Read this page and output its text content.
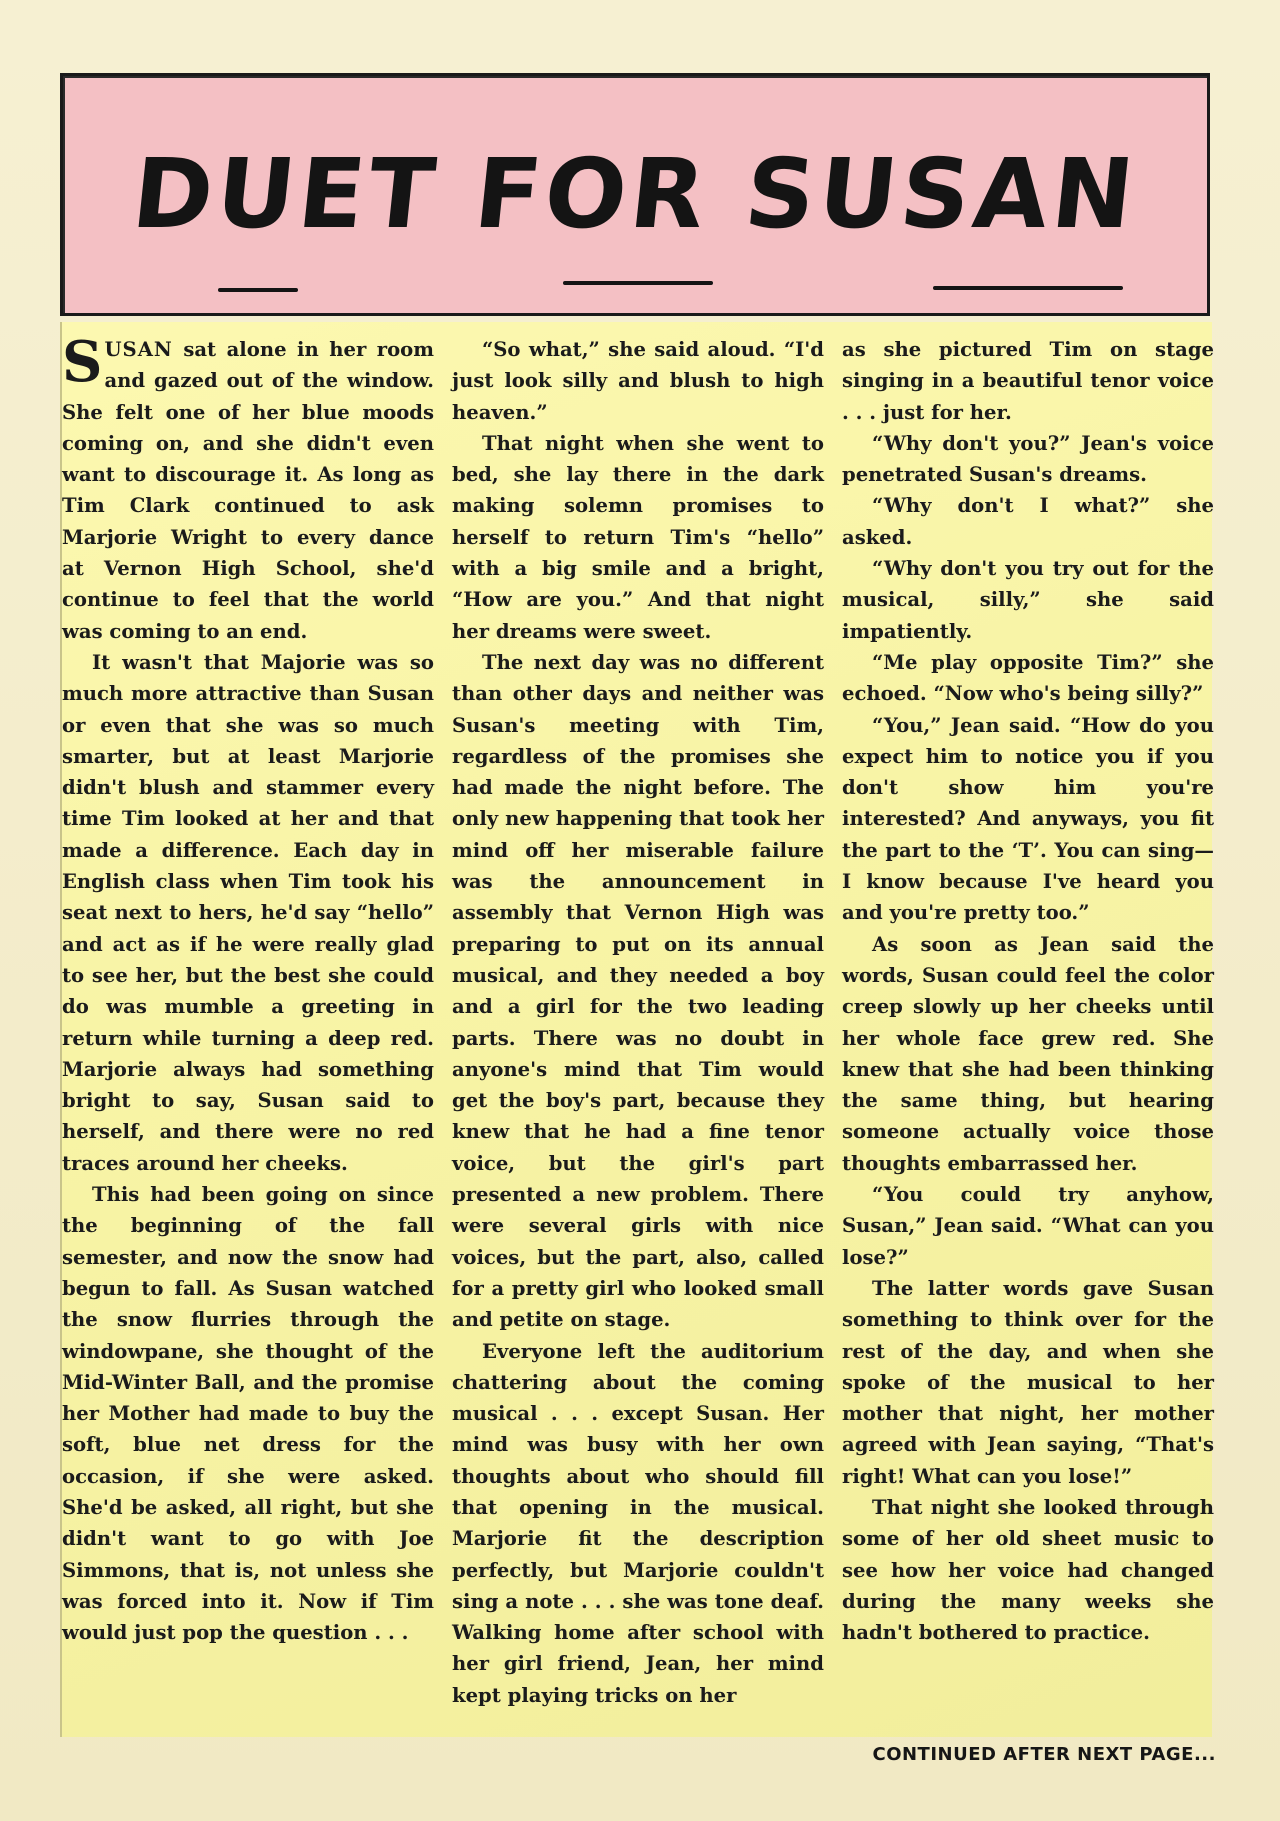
DUET FOR SUSAN

SUSAN sat alone in her room and gazed out of the window. She felt one of her blue moods coming on, and she didn't even want to discourage it. As long as Tim Clark continued to ask Marjorie Wright to every dance at Vernon High School, she'd continue to feel that the world was coming to an end.

It wasn't that Majorie was so much more attractive than Susan or even that she was so much smarter, but at least Marjorie didn't blush and stammer every time Tim looked at her and that made a difference. Each day in English class when Tim took his seat next to hers, he'd say “hello” and act as if he were really glad to see her, but the best she could do was mumble a greeting in return while turning a deep red. Marjorie always had something bright to say, Susan said to herself, and there were no red traces around her cheeks.

This had been going on since the beginning of the fall semester, and now the snow had begun to fall. As Susan watched the snow flurries through the windowpane, she thought of the Mid-Winter Ball, and the promise her Mother had made to buy the soft, blue net dress for the occasion, if she were asked. She'd be asked, all right, but she didn't want to go with Joe Simmons, that is, not unless she was forced into it. Now if Tim would just pop the question . . .

“So what,” she said aloud. “I'd just look silly and blush to high heaven.”

That night when she went to bed, she lay there in the dark making solemn promises to herself to return Tim's “hello” with a big smile and a bright, “How are you.” And that night her dreams were sweet.

The next day was no different than other days and neither was Susan's meeting with Tim, regardless of the promises she had made the night before. The only new happening that took her mind off her miserable failure was the announcement in assembly that Vernon High was preparing to put on its annual musical, and they needed a boy and a girl for the two leading parts. There was no doubt in anyone's mind that Tim would get the boy's part, because they knew that he had a fine tenor voice, but the girl's part presented a new problem. There were several girls with nice voices, but the part, also, called for a pretty girl who looked small and petite on stage.

Everyone left the auditorium chattering about the coming musical . . . except Susan. Her mind was busy with her own thoughts about who should fill that opening in the musical. Marjorie fit the description perfectly, but Marjorie couldn't sing a note . . . she was tone deaf. Walking home after school with her girl friend, Jean, her mind kept playing tricks on her

as she pictured Tim on stage singing in a beautiful tenor voice . . . just for her.

“Why don't you?” Jean's voice penetrated Susan's dreams.

“Why don't I what?” she asked.

“Why don't you try out for the musical, silly,” she said impatiently.

“Me play opposite Tim?” she echoed. “Now who's being silly?”

“You,” Jean said. “How do you expect him to notice you if you don't show him you're interested? And anyways, you fit the part to the ‘T’. You can sing—I know because I've heard you and you're pretty too.”

As soon as Jean said the words, Susan could feel the color creep slowly up her cheeks until her whole face grew red. She knew that she had been thinking the same thing, but hearing someone actually voice those thoughts embarrassed her.

“You could try anyhow, Susan,” Jean said. “What can you lose?”

The latter words gave Susan something to think over for the rest of the day, and when she spoke of the musical to her mother that night, her mother agreed with Jean saying, “That's right! What can you lose!”

That night she looked through some of her old sheet music to see how her voice had changed during the many weeks she hadn't bothered to practice.

CONTINUED AFTER NEXT PAGE...
